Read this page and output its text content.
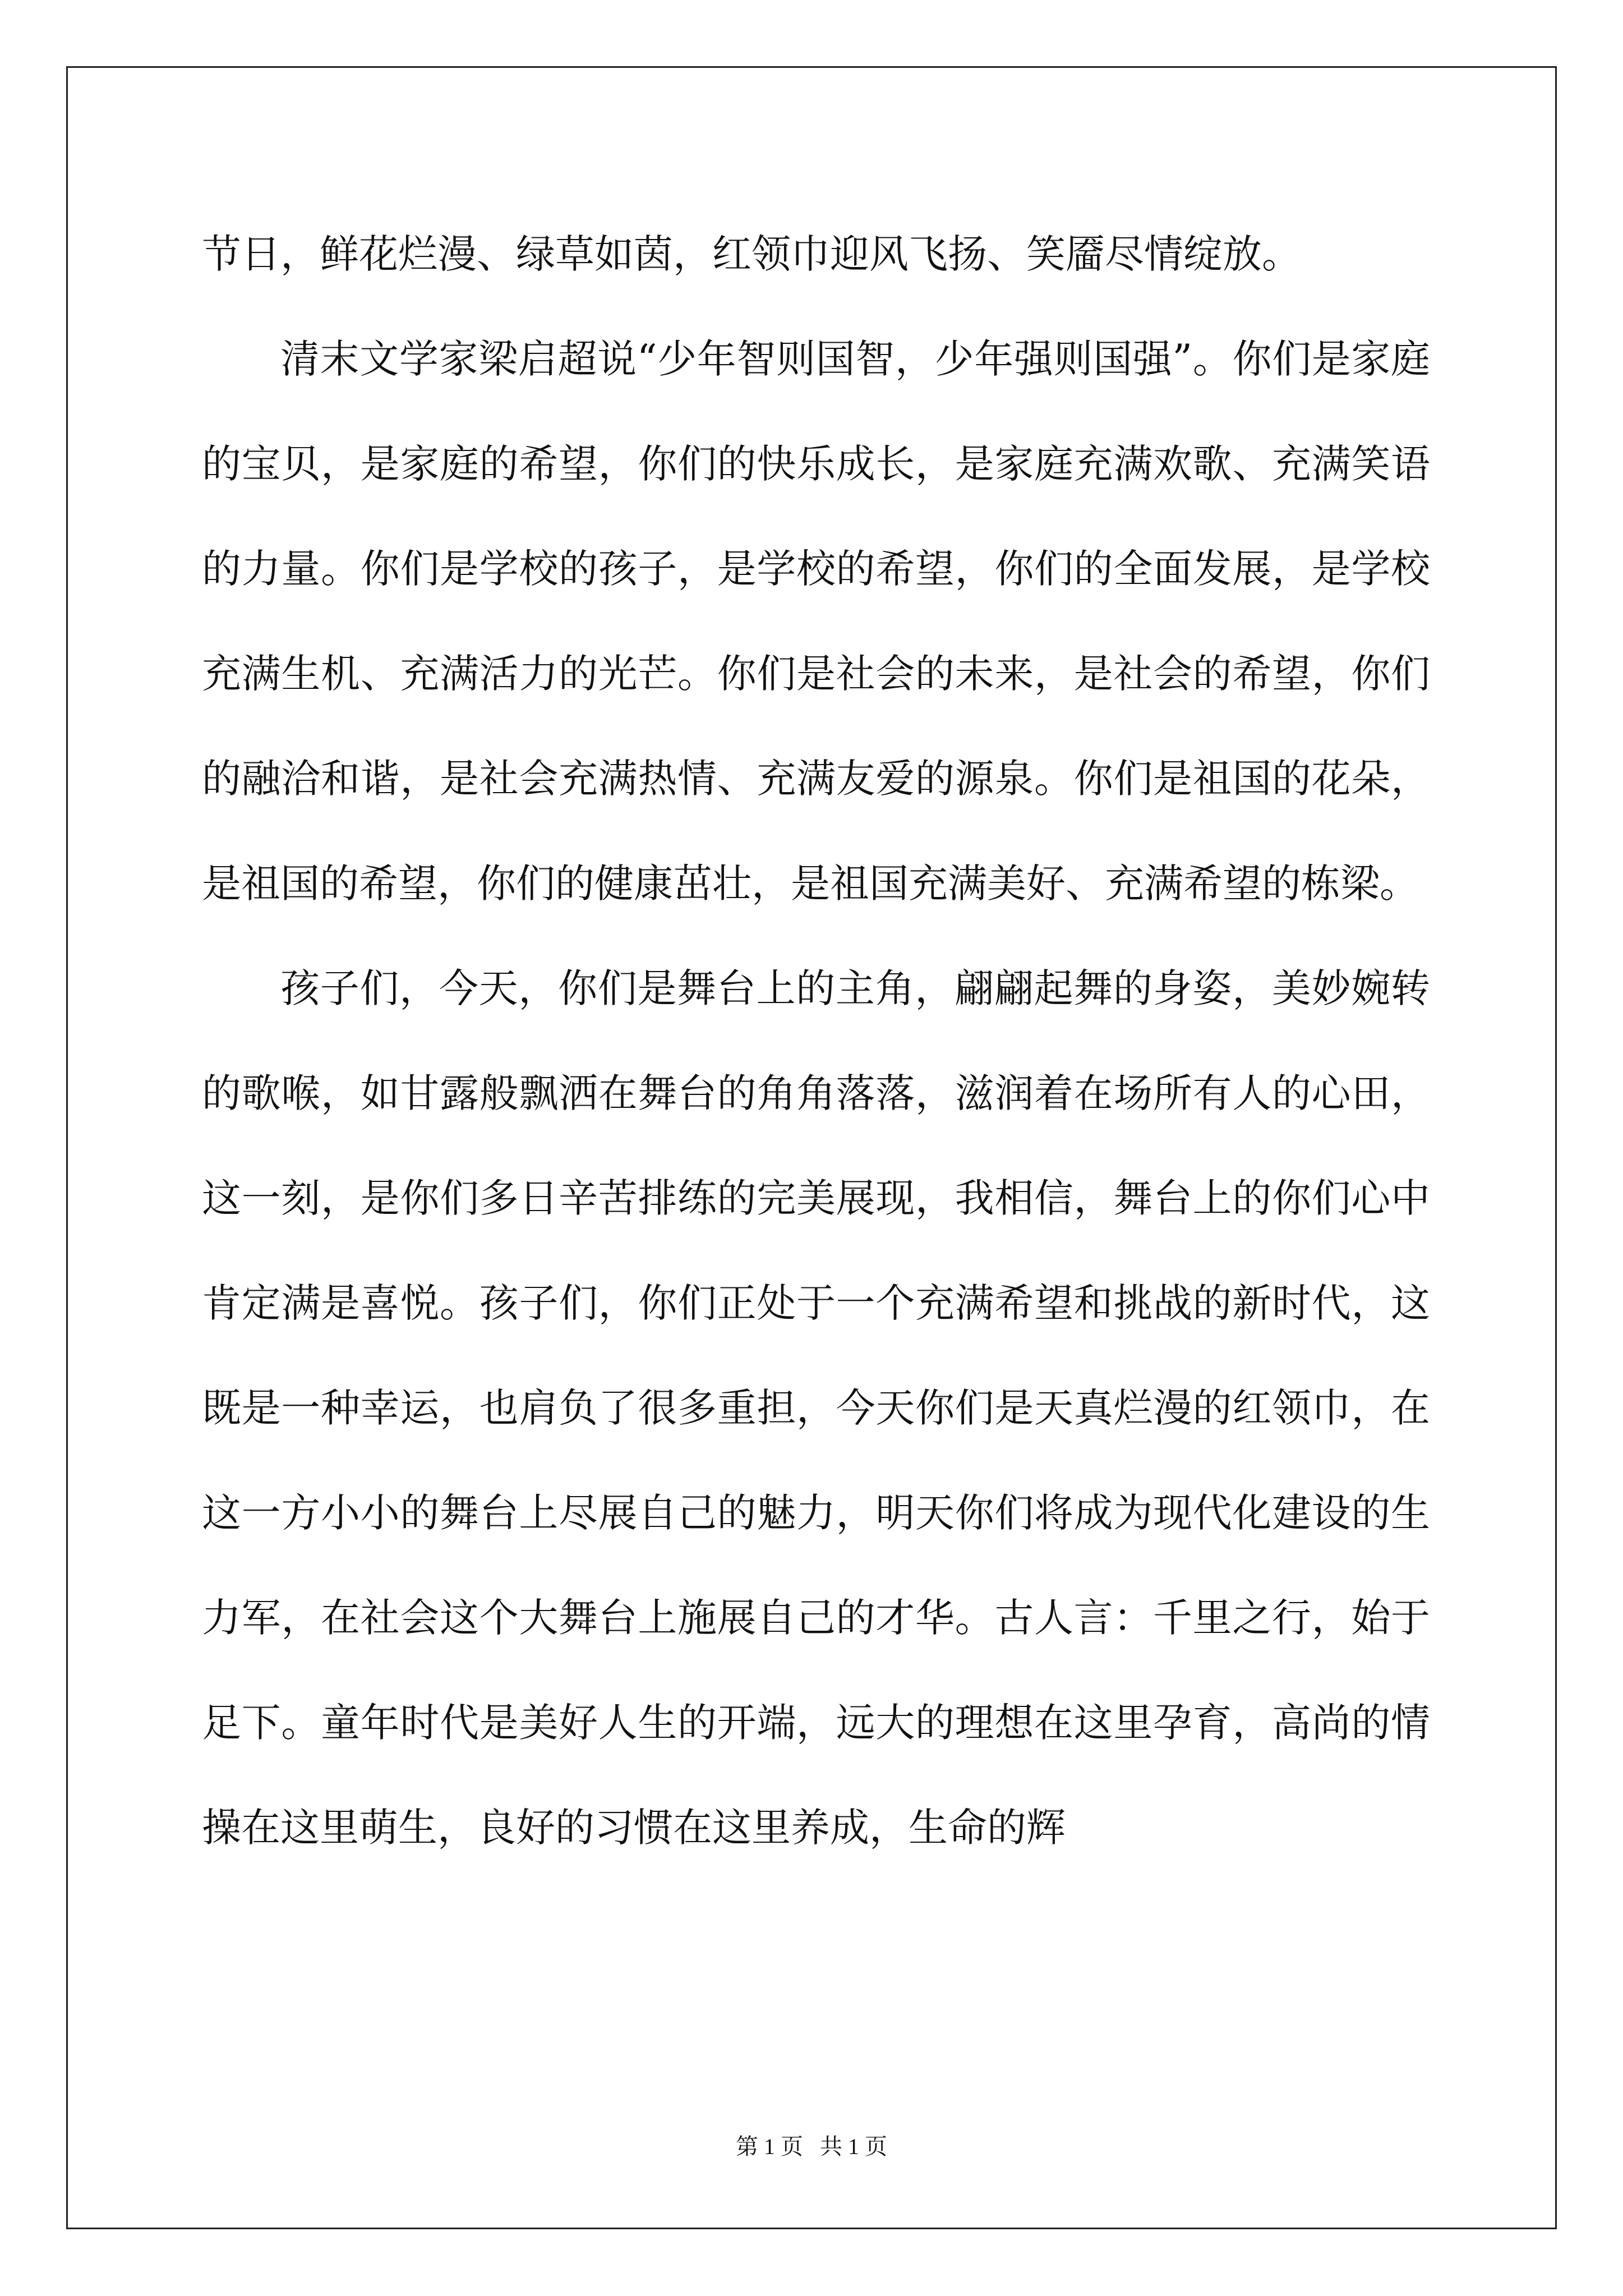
节日，鲜花烂漫、绿草如茵，红领巾迎风飞扬、笑靥尽情绽放。

清末文学家梁启超说“少年智则国智，少年强则国强”。你们是家庭的宝贝，是家庭的希望，你们的快乐成长，是家庭充满欢歌、充满笑语的力量。你们是学校的孩子，是学校的希望，你们的全面发展，是学校充满生机、充满活力的光芒。你们是社会的未来，是社会的希望，你们的融洽和谐，是社会充满热情、充满友爱的源泉。你们是祖国的花朵，是祖国的希望，你们的健康茁壮，是祖国充满美好、充满希望的栋梁。

孩子们，今天，你们是舞台上的主角，翩翩起舞的身姿，美妙婉转的歌喉，如甘露般飘洒在舞台的角角落落，滋润着在场所有人的心田，这一刻，是你们多日辛苦排练的完美展现，我相信，舞台上的你们心中肯定满是喜悦。孩子们，你们正处于一个充满希望和挑战的新时代，这既是一种幸运，也肩负了很多重担，今天你们是天真烂漫的红领巾，在这一方小小的舞台上尽展自己的魅力，明天你们将成为现代化建设的生力军，在社会这个大舞台上施展自己的才华。古人言：千里之行，始于足下。童年时代是美好人生的开端，远大的理想在这里孕育，高尚的情操在这里萌生，良好的习惯在这里养成，生命的辉

第 1 页   共 1 页
